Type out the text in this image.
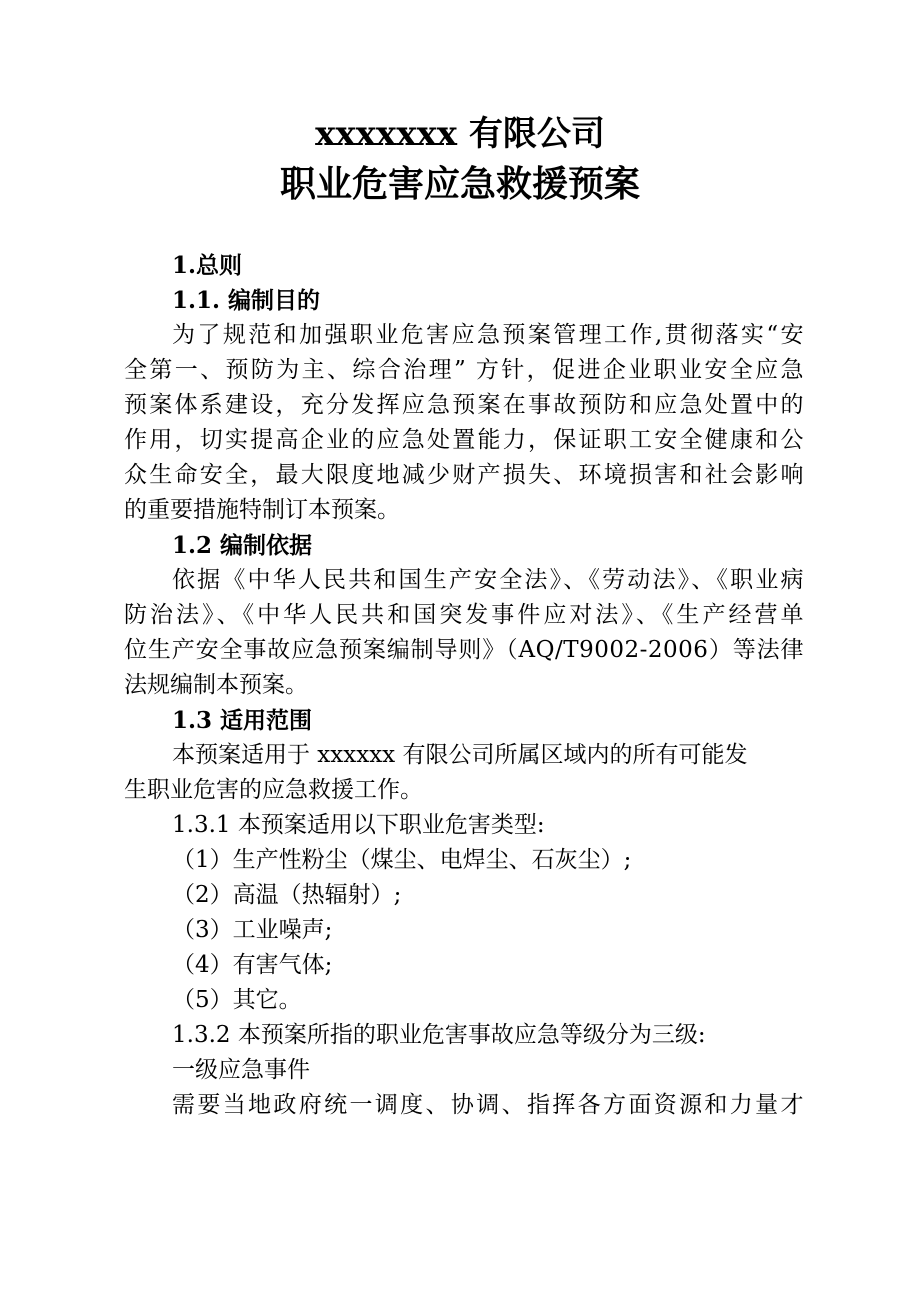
xxxxxxx 有限公司
职业危害应急救援预案
1.总则
1.1. 编制目的
为了规范和加强职业危害应急预案管理工作,贯彻落实“安
全第一、预防为主、综合治理” 方针，促进企业职业安全应急
预案体系建设，充分发挥应急预案在事故预防和应急处置中的
作用，切实提高企业的应急处置能力，保证职工安全健康和公
众生命安全，最大限度地减少财产损失、环境损害和社会影响
的重要措施特制订本预案。
1.2 编制依据
依据《中华人民共和国生产安全法》、《劳动法》、《职业病
防治法》、《中华人民共和国突发事件应对法》、《生产经营单
位生产安全事故应急预案编制导则》（AQ/T9002-2006）等法律
法规编制本预案。
1.3 适用范围
本预案适用于 xxxxxx 有限公司所属区域内的所有可能发
生职业危害的应急救援工作。
1.3.1 本预案适用以下职业危害类型:
（1）生产性粉尘（煤尘、电焊尘、石灰尘）;
（2）高温（热辐射）;
（3）工业噪声;
（4）有害气体;
（5）其它。
1.3.2 本预案所指的职业危害事故应急等级分为三级:
一级应急事件
需要当地政府统一调度、协调、指挥各方面资源和力量才
